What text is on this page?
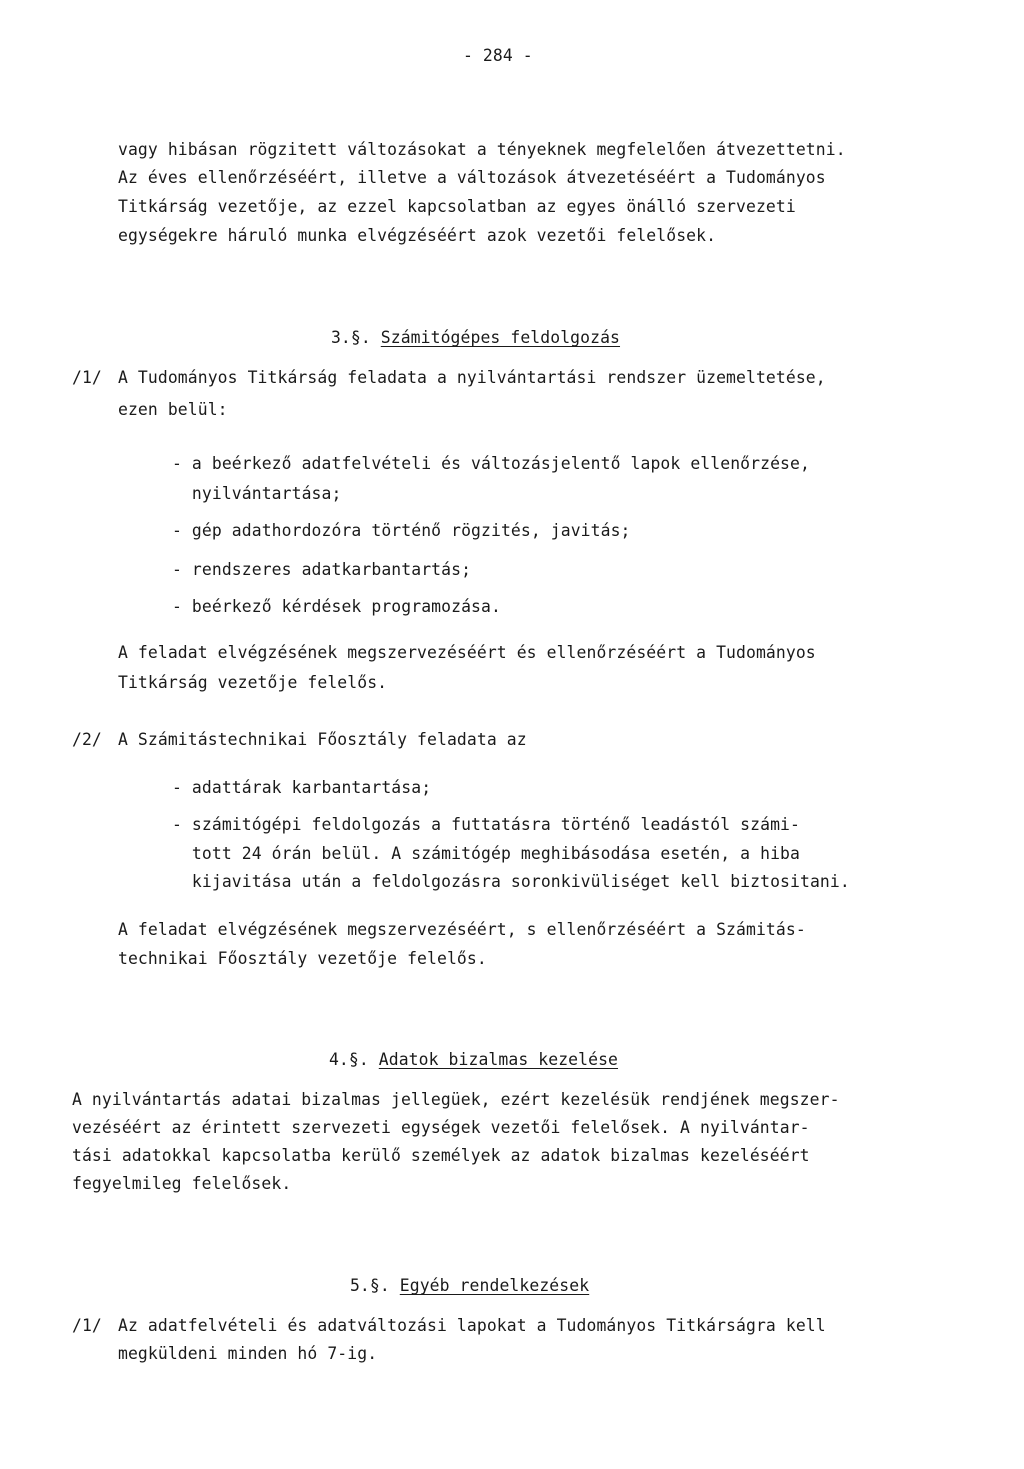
- 284 -
vagy hibásan rögzitett változásokat a tényeknek megfelelően átvezettetni.
Az éves ellenőrzéséért, illetve a változások átvezetéséért a Tudományos
Titkárság vezetője, az ezzel kapcsolatban az egyes önálló szervezeti
egységekre háruló munka elvégzéséért azok vezetői felelősek.

3.§. Számitógépes feldolgozás

/1/ A Tudományos Titkárság feladata a nyilvántartási rendszer üzemeltetése,
ezen belül:
- a beérkező adatfelvételi és változásjelentő lapok ellenőrzése,
nyilvántartása;
- gép adathordozóra történő rögzités, javitás;
- rendszeres adatkarbantartás;
- beérkező kérdések programozása.
A feladat elvégzésének megszervezéséért és ellenőrzéséért a Tudományos
Titkárság vezetője felelős.
/2/ A Számitástechnikai Főosztály feladata az
- adattárak karbantartása;
- számitógépi feldolgozás a futtatásra történő leadástól számi-
tott 24 órán belül. A számitógép meghibásodása esetén, a hiba
kijavitása után a feldolgozásra soronkivüliséget kell biztositani.
A feladat elvégzésének megszervezéséért, s ellenőrzéséért a Számitás-
technikai Főosztály vezetője felelős.

4.§. Adatok bizalmas kezelése

A nyilvántartás adatai bizalmas jellegüek, ezért kezelésük rendjének megszer-
vezéséért az érintett szervezeti egységek vezetői felelősek. A nyilvántar-
tási adatokkal kapcsolatba kerülő személyek az adatok bizalmas kezeléséért
fegyelmileg felelősek.

5.§. Egyéb rendelkezések

/1/ Az adatfelvételi és adatváltozási lapokat a Tudományos Titkárságra kell
megküldeni minden hó 7-ig.
